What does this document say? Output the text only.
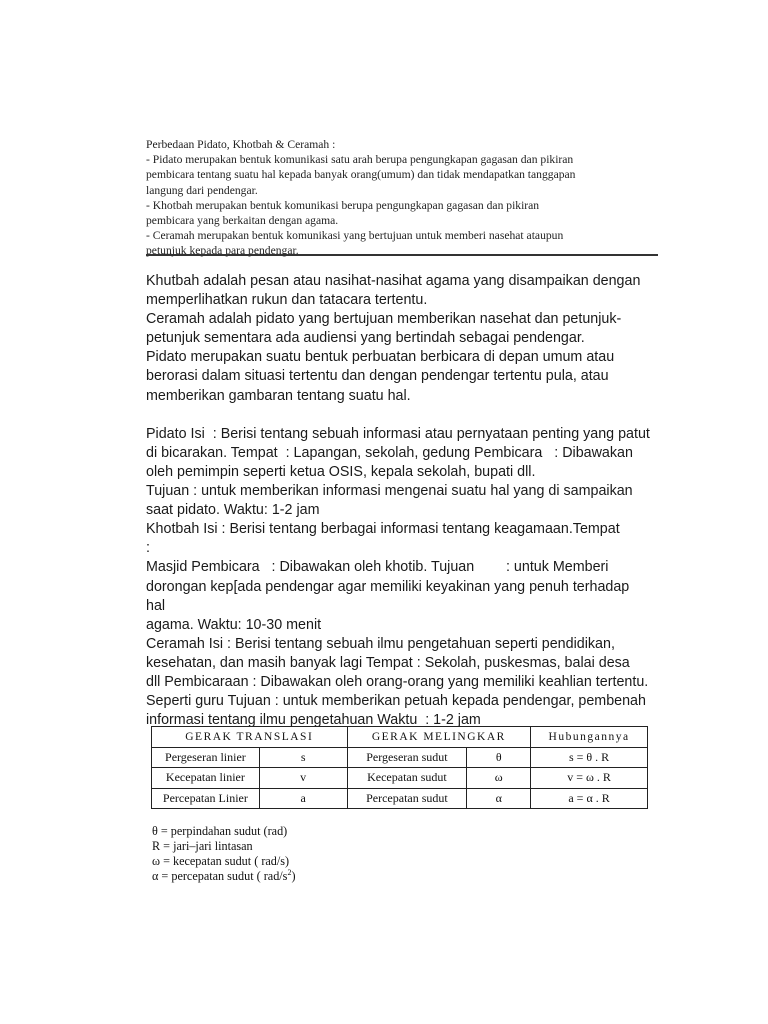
Perbedaan Pidato, Khotbah & Ceramah :

- Pidato merupakan bentuk komunikasi satu arah berupa pengungkapan gagasan dan pikiran

pembicara tentang suatu hal kepada banyak orang(umum) dan tidak mendapatkan tanggapan

langung dari pendengar.

- Khotbah merupakan bentuk komunikasi berupa pengungkapan gagasan dan pikiran

pembicara yang berkaitan dengan agama.

- Ceramah merupakan bentuk komunikasi yang bertujuan untuk memberi nasehat ataupun

petunjuk kepada para pendengar.

Khutbah adalah pesan atau nasihat-nasihat agama yang disampaikan dengan

memperlihatkan rukun dan tatacara tertentu.

Ceramah adalah pidato yang bertujuan memberikan nasehat dan petunjuk-

petunjuk sementara ada audiensi yang bertindah sebagai pendengar.

Pidato merupakan suatu bentuk perbuatan berbicara di depan umum atau

berorasi dalam situasi tertentu dan dengan pendengar tertentu pula, atau

memberikan gambaran tentang suatu hal.

Pidato Isi  : Berisi tentang sebuah informasi atau pernyataan penting yang patut

di bicarakan. Tempat  : Lapangan, sekolah, gedung Pembicara   : Dibawakan

oleh pemimpin seperti ketua OSIS, kepala sekolah, bupati dll.

Tujuan : untuk memberikan informasi mengenai suatu hal yang di sampaikan

saat pidato. Waktu: 1-2 jam

Khotbah Isi : Berisi tentang berbagai informasi tentang keagamaan.Tempat        :

Masjid Pembicara   : Dibawakan oleh khotib. Tujuan        : untuk Memberi

dorongan kep[ada pendengar agar memiliki keyakinan yang penuh terhadap hal

agama. Waktu: 10-30 menit

Ceramah Isi : Berisi tentang sebuah ilmu pengetahuan seperti pendidikan,

kesehatan, dan masih banyak lagi Tempat : Sekolah, puskesmas, balai desa

dll Pembicaraan : Dibawakan oleh orang-orang yang memiliki keahlian tertentu.

Seperti guru Tujuan : untuk memberikan petuah kepada pendengar, pembenah

informasi tentang ilmu pengetahuan Waktu  : 1-2 jam

GERAK TRANSLASI		GERAK MELINGKAR		Hubungannya
Pergeseran linier	s	Pergeseran sudut	θ	s = θ . R
Kecepatan linier	v	Kecepatan sudut	ω	v = ω . R
Percepatan Linier	a	Percepatan sudut	α	a = α . R

θ = perpindahan sudut (rad)

R = jari–jari lintasan

ω = kecepatan sudut ( rad/s)

α = percepatan sudut ( rad/$s^2$)
